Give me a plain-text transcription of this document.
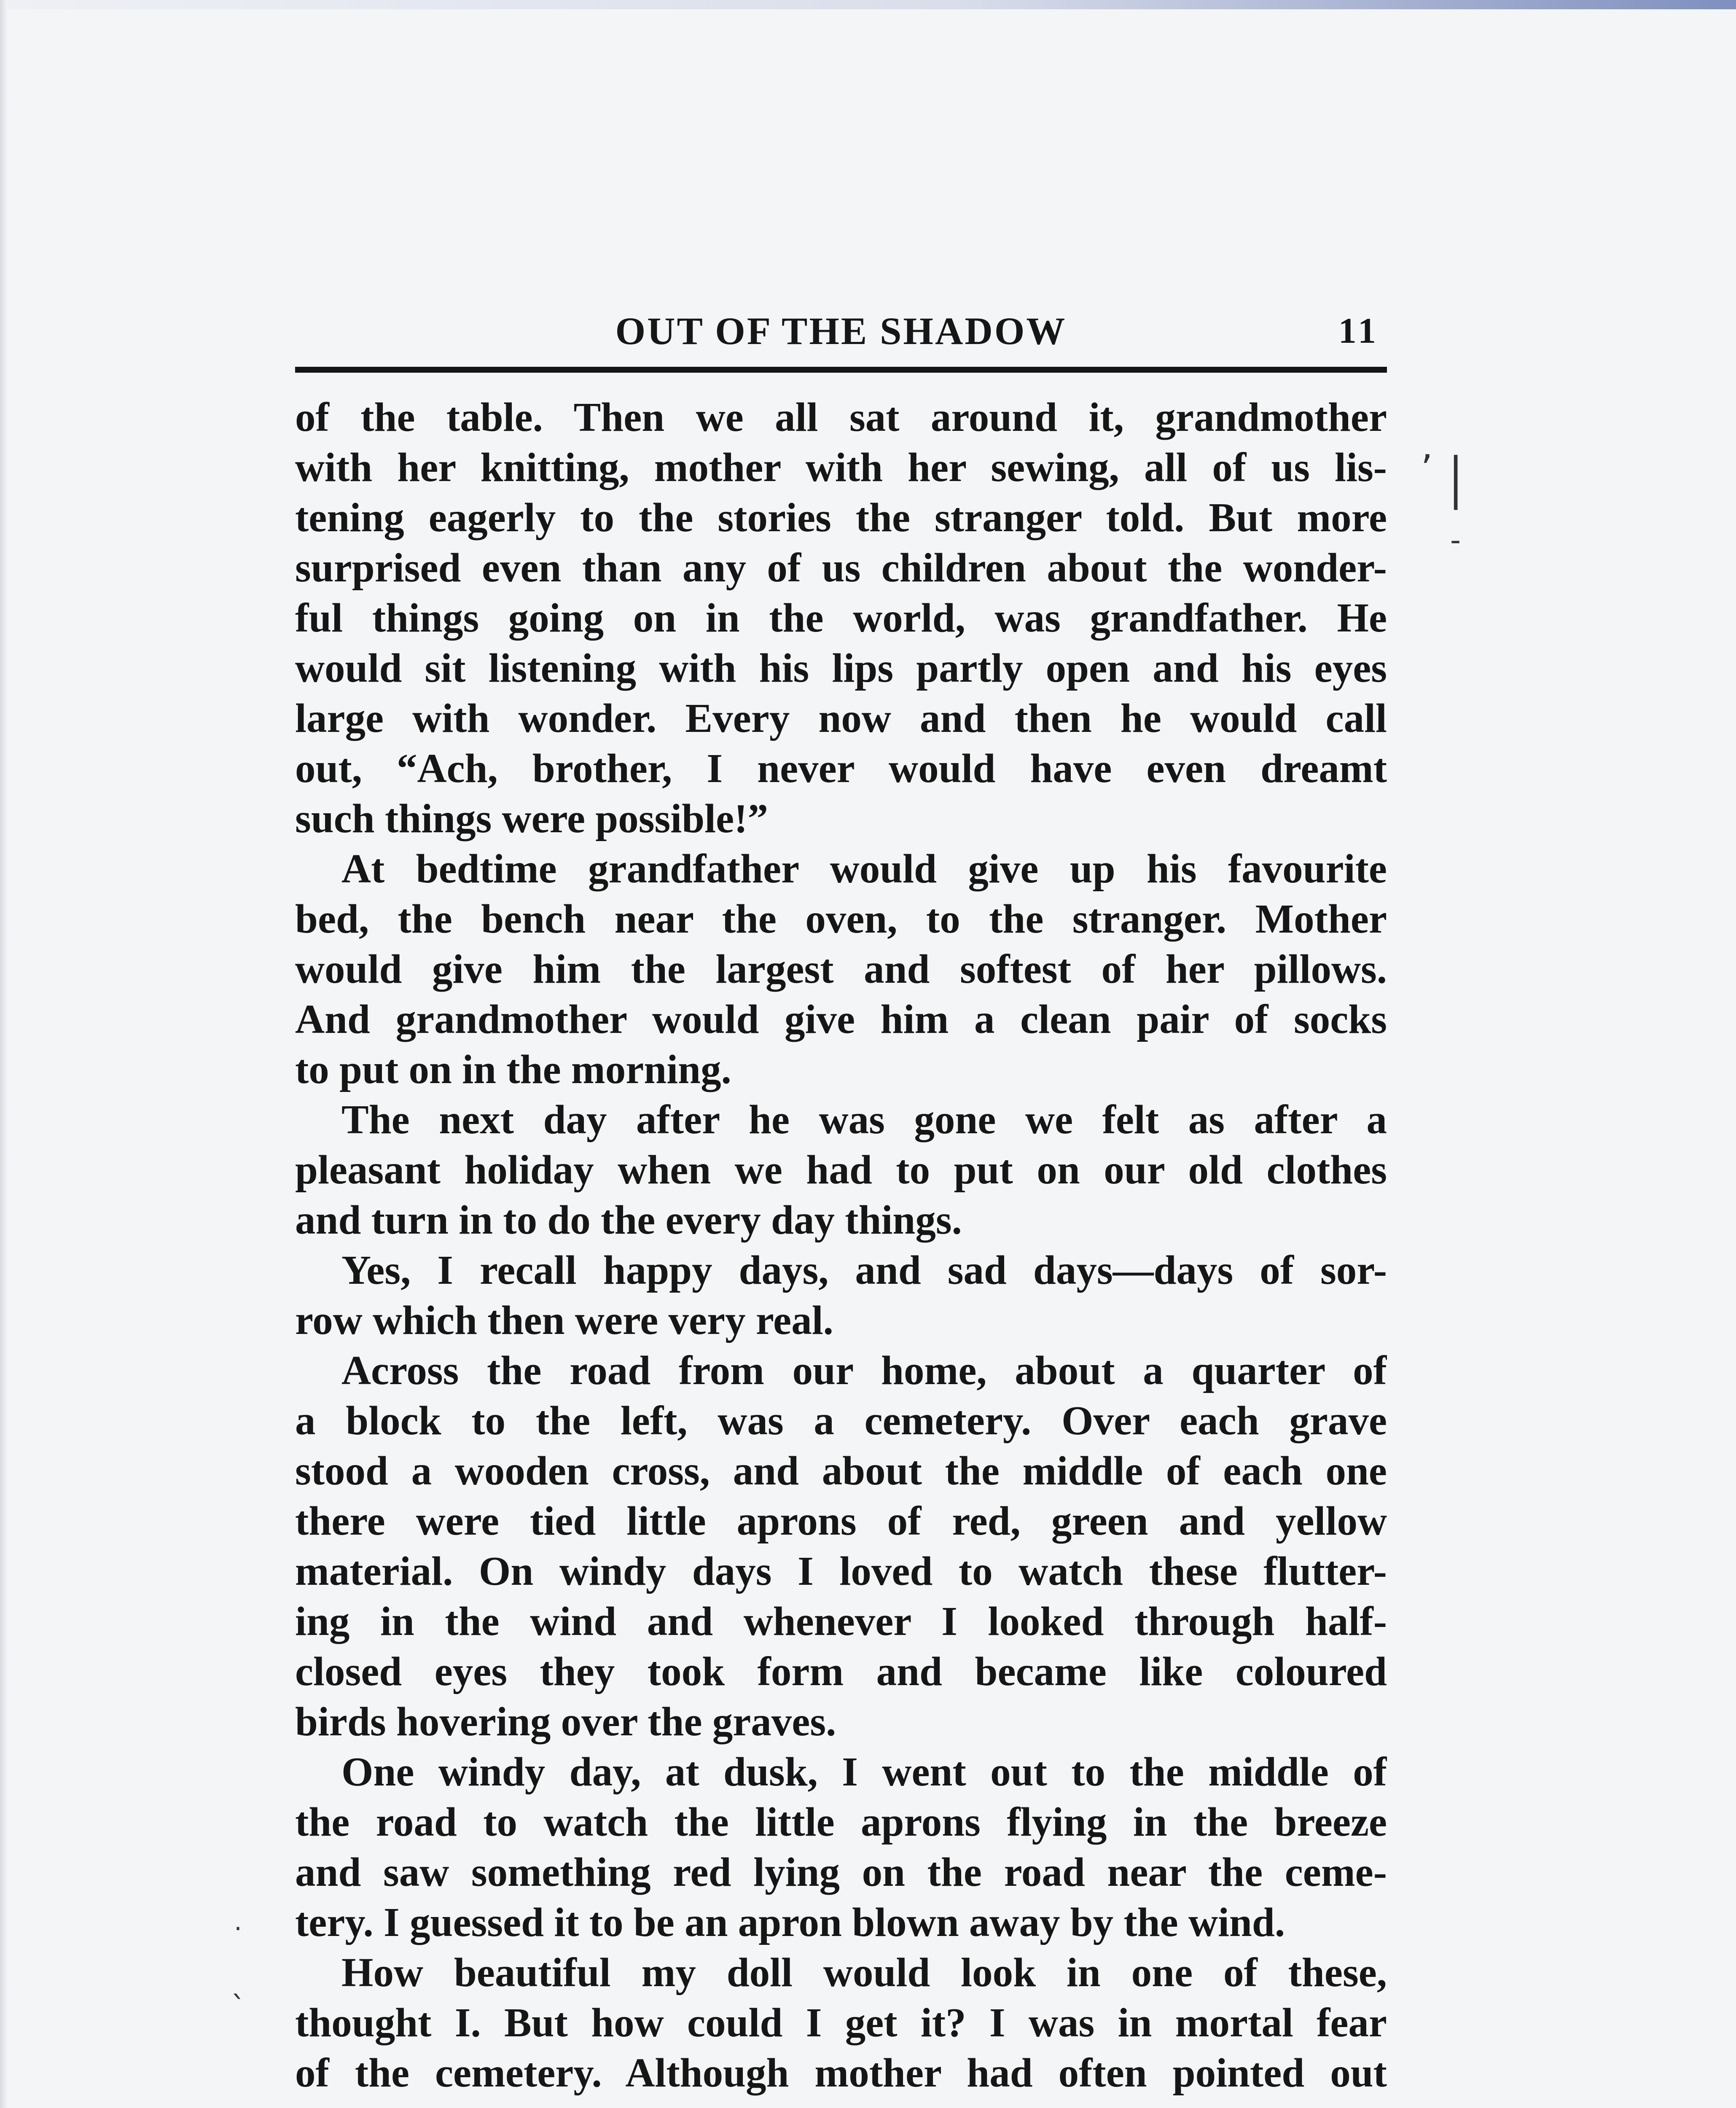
OUT OF THE SHADOW	11
of the table. Then we all sat around it, grandmother
with her knitting, mother with her sewing, all of us lis-
tening eagerly to the stories the stranger told. But more
surprised even than any of us children about the wonder-
ful things going on in the world, was grandfather. He
would sit listening with his lips partly open and his eyes
large with wonder. Every now and then he would call
out, “Ach, brother, I never would have even dreamt
such things were possible!”
At bedtime grandfather would give up his favourite
bed, the bench near the oven, to the stranger. Mother
would give him the largest and softest of her pillows.
And grandmother would give him a clean pair of socks
to put on in the morning.
The next day after he was gone we felt as after a
pleasant holiday when we had to put on our old clothes
and turn in to do the every day things.
Yes, I recall happy days, and sad days—days of sor-
row which then were very real.
Across the road from our home, about a quarter of
a block to the left, was a cemetery. Over each grave
stood a wooden cross, and about the middle of each one
there were tied little aprons of red, green and yellow
material. On windy days I loved to watch these flutter-
ing in the wind and whenever I looked through half-
closed eyes they took form and became like coloured
birds hovering over the graves.
One windy day, at dusk, I went out to the middle of
the road to watch the little aprons flying in the breeze
and saw something red lying on the road near the ceme-
tery. I guessed it to be an apron blown away by the wind.
How beautiful my doll would look in one of these,
thought I. But how could I get it? I was in mortal fear
of the cemetery. Although mother had often pointed out
’ │
-
·
ˎ
